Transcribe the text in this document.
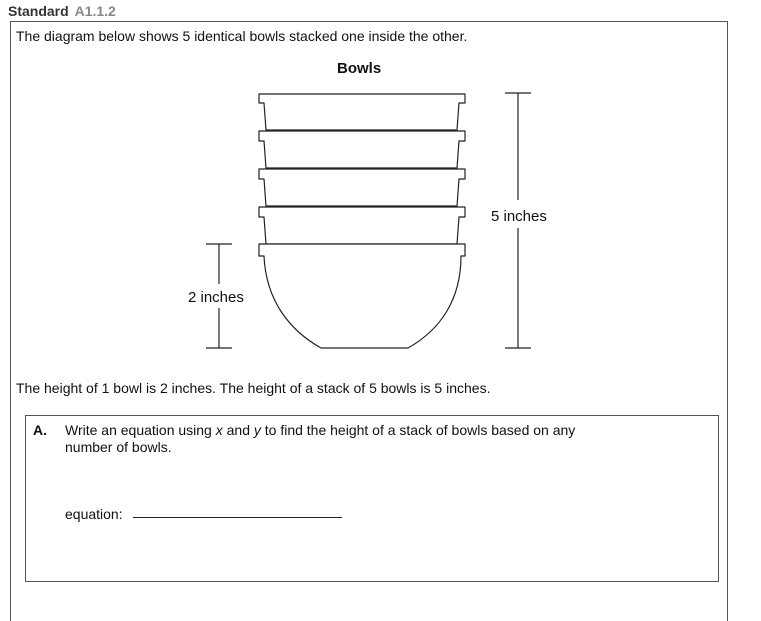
Standard A1.1.2
The diagram below shows 5 identical bowls stacked one inside the other.
Bowls
2 inches
5 inches
The height of 1 bowl is 2 inches. The height of a stack of 5 bowls is 5 inches.
A. Write an equation using x and y to find the height of a stack of bowls based on any number of bowls.
equation:
